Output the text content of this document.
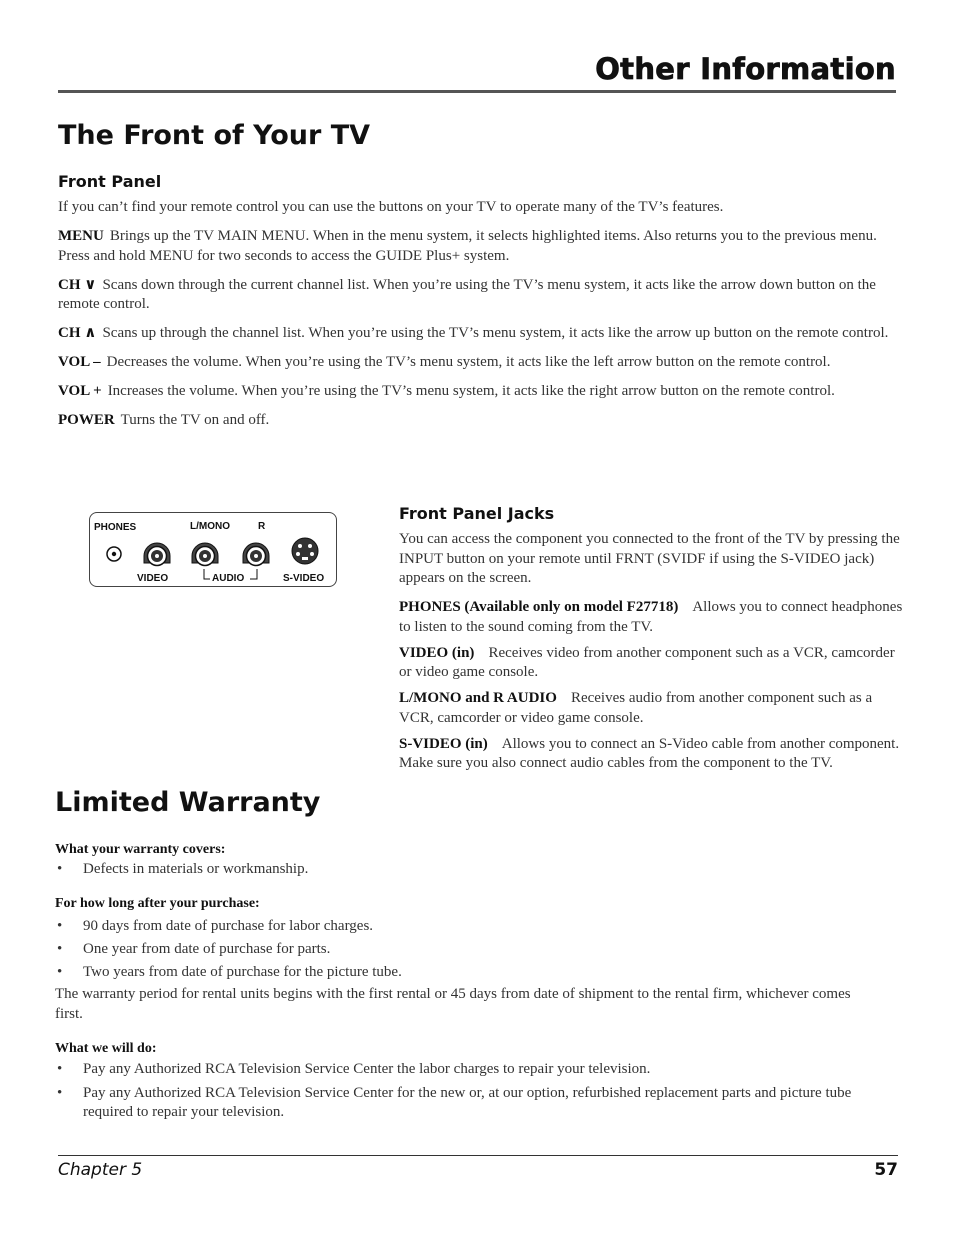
Other Information
The Front of Your TV
Front Panel

If you can’t find your remote control you can use the buttons on your TV to operate many of the TV’s features.

MENU Brings up the TV MAIN MENU. When in the menu system, it selects highlighted items. Also returns you to the previous menu. Press and hold MENU for two seconds to access the GUIDE Plus+ system.

CH ∨ Scans down through the current channel list. When you’re using the TV’s menu system, it acts like the arrow down button on the remote control.

CH ∧ Scans up through the channel list. When you’re using the TV’s menu system, it acts like the arrow up button on the remote control.

VOL – Decreases the volume. When you’re using the TV’s menu system, it acts like the left arrow button on the remote control.

VOL + Increases the volume. When you’re using the TV’s menu system, it acts like the right arrow button on the remote control.

POWER Turns the TV on and off.

PHONES	L/MONO	R
VIDEO	AUDIO	S-VIDEO
Front Panel Jacks

You can access the component you connected to the front of the TV by pressing the INPUT button on your remote until FRNT (SVIDF if using the S-VIDEO jack) appears on the screen.

PHONES (Available only on model F27718) Allows you to connect headphones to listen to the sound coming from the TV.

VIDEO (in) Receives video from another component such as a VCR, camcorder or video game console.

L/MONO and R AUDIO Receives audio from another component such as a VCR, camcorder or video game console.

S-VIDEO (in) Allows you to connect an S-Video cable from another component. Make sure you also connect audio cables from the component to the TV.

Limited Warranty

What your warranty covers:

• Defects in materials or workmanship.

For how long after your purchase:

• 90 days from date of purchase for labor charges.
• One year from date of purchase for parts.
• Two years from date of purchase for the picture tube.

The warranty period for rental units begins with the first rental or 45 days from date of shipment to the rental firm, whichever comes first.

What we will do:

• Pay any Authorized RCA Television Service Center the labor charges to repair your television.
• Pay any Authorized RCA Television Service Center for the new or, at our option, refurbished replacement parts and picture tube required to repair your television.
Chapter 5	57
